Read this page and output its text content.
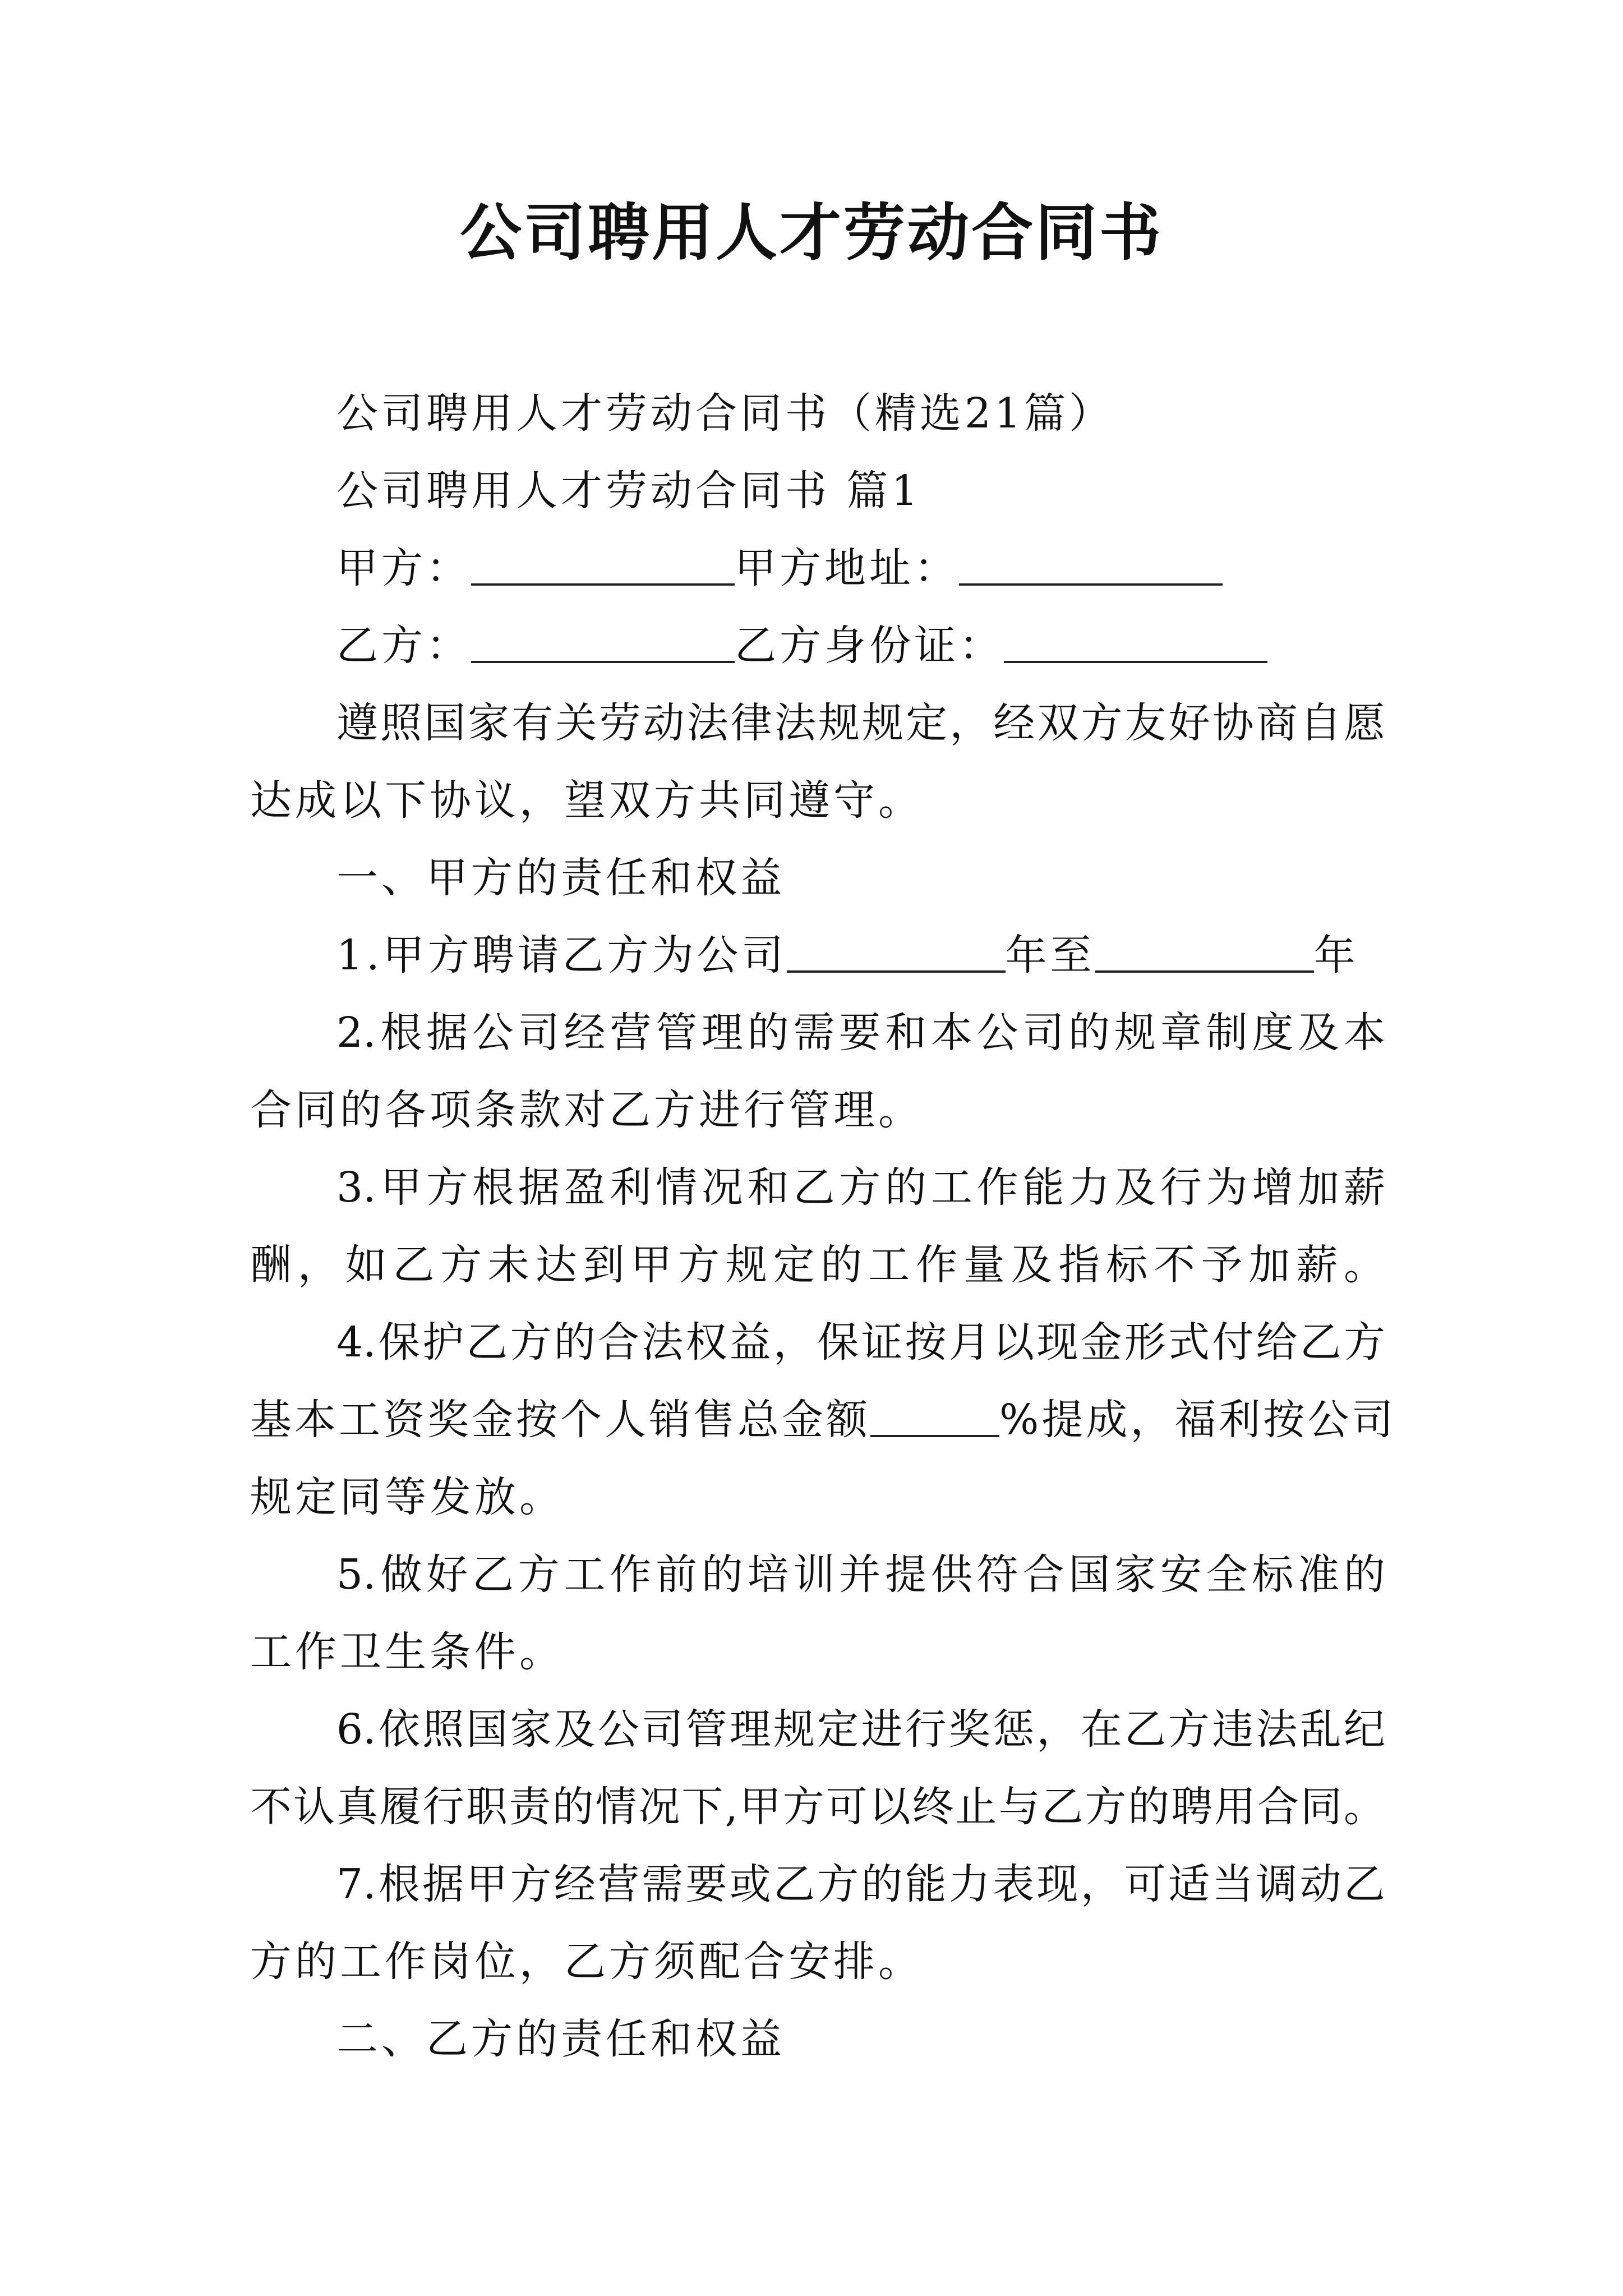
公司聘用人才劳动合同书
公司聘用人才劳动合同书（精选21篇）
公司聘用人才劳动合同书 篇1
甲方：	甲方地址：
乙方：	乙方身份证：
遵照国家有关劳动法律法规规定，经双方友好协商自愿
达成以下协议，望双方共同遵守。
一、甲方的责任和权益
1.甲方聘请乙方为公司	年至	年
2.根据公司经营管理的需要和本公司的规章制度及本
合同的各项条款对乙方进行管理。
3.甲方根据盈利情况和乙方的工作能力及行为增加薪
酬，如乙方未达到甲方规定的工作量及指标不予加薪。
4.保护乙方的合法权益，保证按月以现金形式付给乙方
基本工资奖金按个人销售总金额	%提成，福利按公司
规定同等发放。
5.做好乙方工作前的培训并提供符合国家安全标准的
工作卫生条件。
6.依照国家及公司管理规定进行奖惩，在乙方违法乱纪
不认真履行职责的情况下,甲方可以终止与乙方的聘用合同。
7.根据甲方经营需要或乙方的能力表现，可适当调动乙
方的工作岗位，乙方须配合安排。
二、乙方的责任和权益
